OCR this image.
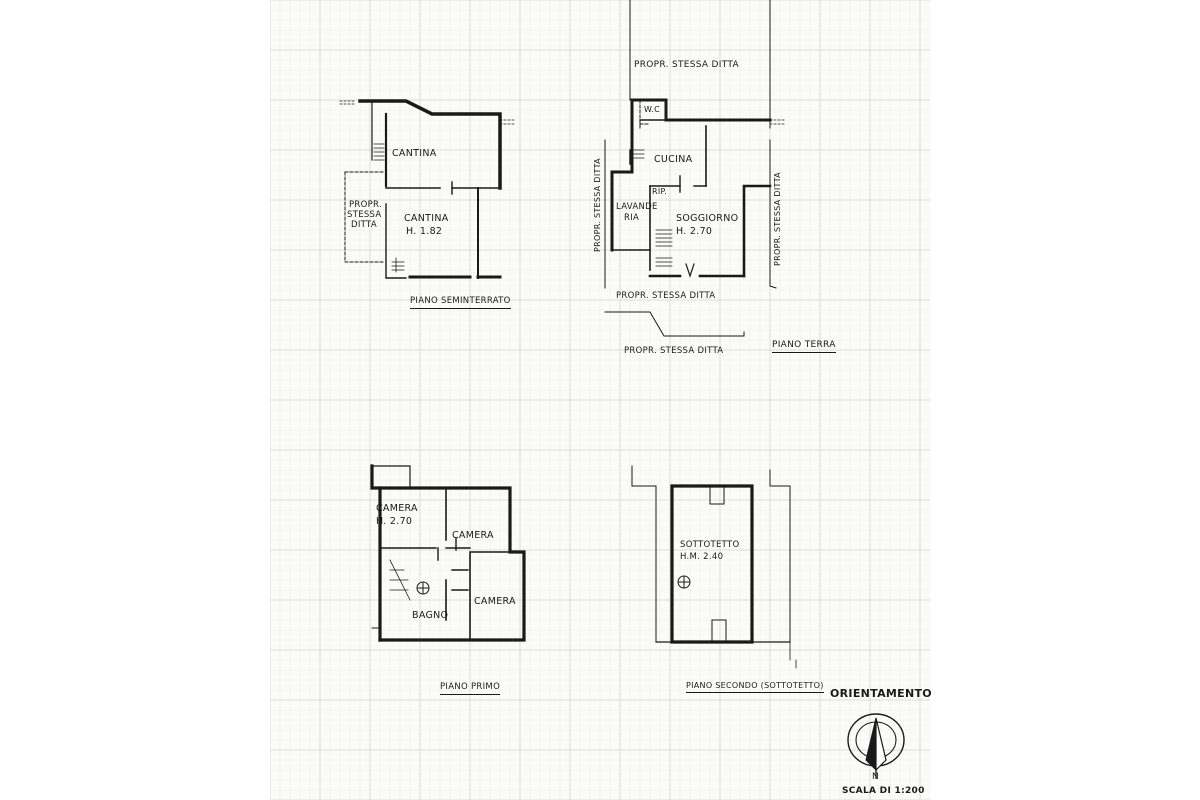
CANTINA
CANTINA
H. 1.82
PROPR.
STESSA
DITTA
PIANO SEMINTERRATO
PROPR. STESSA DITTA
W.C
CUCINA
RIP.
LAVANDE
RIA	SOGGIORNO
H. 2.70
PROPR. STESSA DITTA
PROPR. STESSA DITTA
PIANO TERRA
PROPR. STESSA DITTA	PROPR. STESSA DITTA
CAMERA
H. 2.70
CAMERA
CAMERA
BAGNO
PIANO PRIMO
SOTTOTETTO
H.M. 2.40
PIANO SECONDO (SOTTOTETTO)
ORIENTAMENTO
N
SCALA DI 1:200
